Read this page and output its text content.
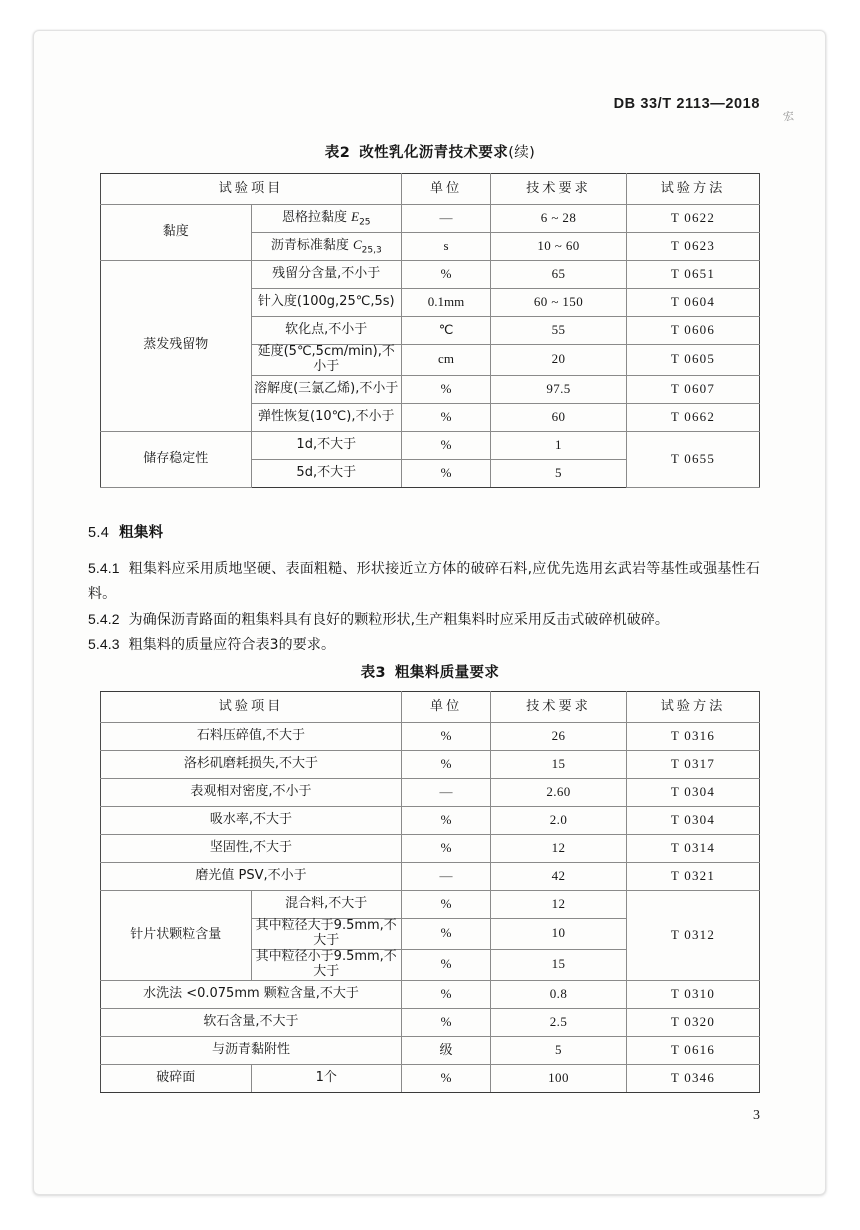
DB 33/T 2113—2018
宏
表2 改性乳化沥青技术要求(续)
试验项目		单位	技术要求	试验方法
黏度	恩格拉黏度 $E_{25}$	—	6 ~ 28	T 0622
	沥青标准黏度 $C_{25,3}$	s	10 ~ 60	T 0623
蒸发残留物	残留分含量,不小于	%	65	T 0651
	针入度(100g,25℃,5s)	0.1mm	60 ~ 150	T 0604
	软化点,不小于	℃	55	T 0606
	延度(5℃,5cm/min),不小于	cm	20	T 0605
	溶解度(三氯乙烯),不小于	%	97.5	T 0607
	弹性恢复(10℃),不小于	%	60	T 0662
储存稳定性	1d,不大于	%	1	T 0655
	5d,不大于	%	5	
5.4 粗集料
5.4.1 粗集料应采用质地坚硬、表面粗糙、形状接近立方体的破碎石料,应优先选用玄武岩等基性或强基性石料。
5.4.2 为确保沥青路面的粗集料具有良好的颗粒形状,生产粗集料时应采用反击式破碎机破碎。
5.4.3 粗集料的质量应符合表3的要求。
表3 粗集料质量要求
试验项目		单位	技术要求	试验方法
石料压碎值,不大于		%	26	T 0316
洛杉矶磨耗损失,不大于		%	15	T 0317
表观相对密度,不小于		—	2.60	T 0304
吸水率,不大于		%	2.0	T 0304
坚固性,不大于		%	12	T 0314
磨光值 PSV,不小于		—	42	T 0321
针片状颗粒含量	混合料,不大于	%	12	T 0312
	其中粒径大于9.5mm,不大于	%	10	
	其中粒径小于9.5mm,不大于	%	15	
水洗法 <0.075mm 颗粒含量,不大于		%	0.8	T 0310
软石含量,不大于		%	2.5	T 0320
与沥青黏附性		级	5	T 0616
破碎面	1个	%	100	T 0346
3
